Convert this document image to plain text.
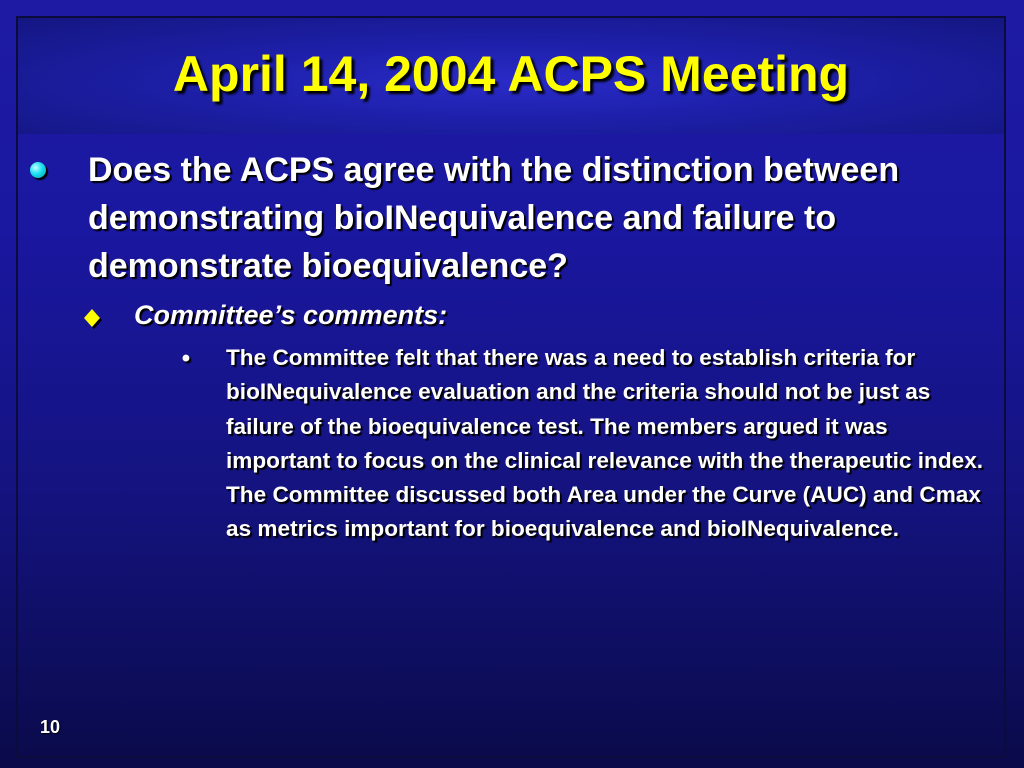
April 14, 2004 ACPS Meeting

Does the ACPS agree with the distinction between demonstrating bioINequivalence and failure to demonstrate bioequivalence?

Committee’s comments:

• The Committee felt that there was a need to establish criteria for bioINequivalence evaluation and the criteria should not be just as failure of the bioequivalence test. The members argued it was important to focus on the clinical relevance with the therapeutic index. The Committee discussed both Area under the Curve (AUC) and Cmax as metrics important for bioequivalence and bioINequivalence.

10
